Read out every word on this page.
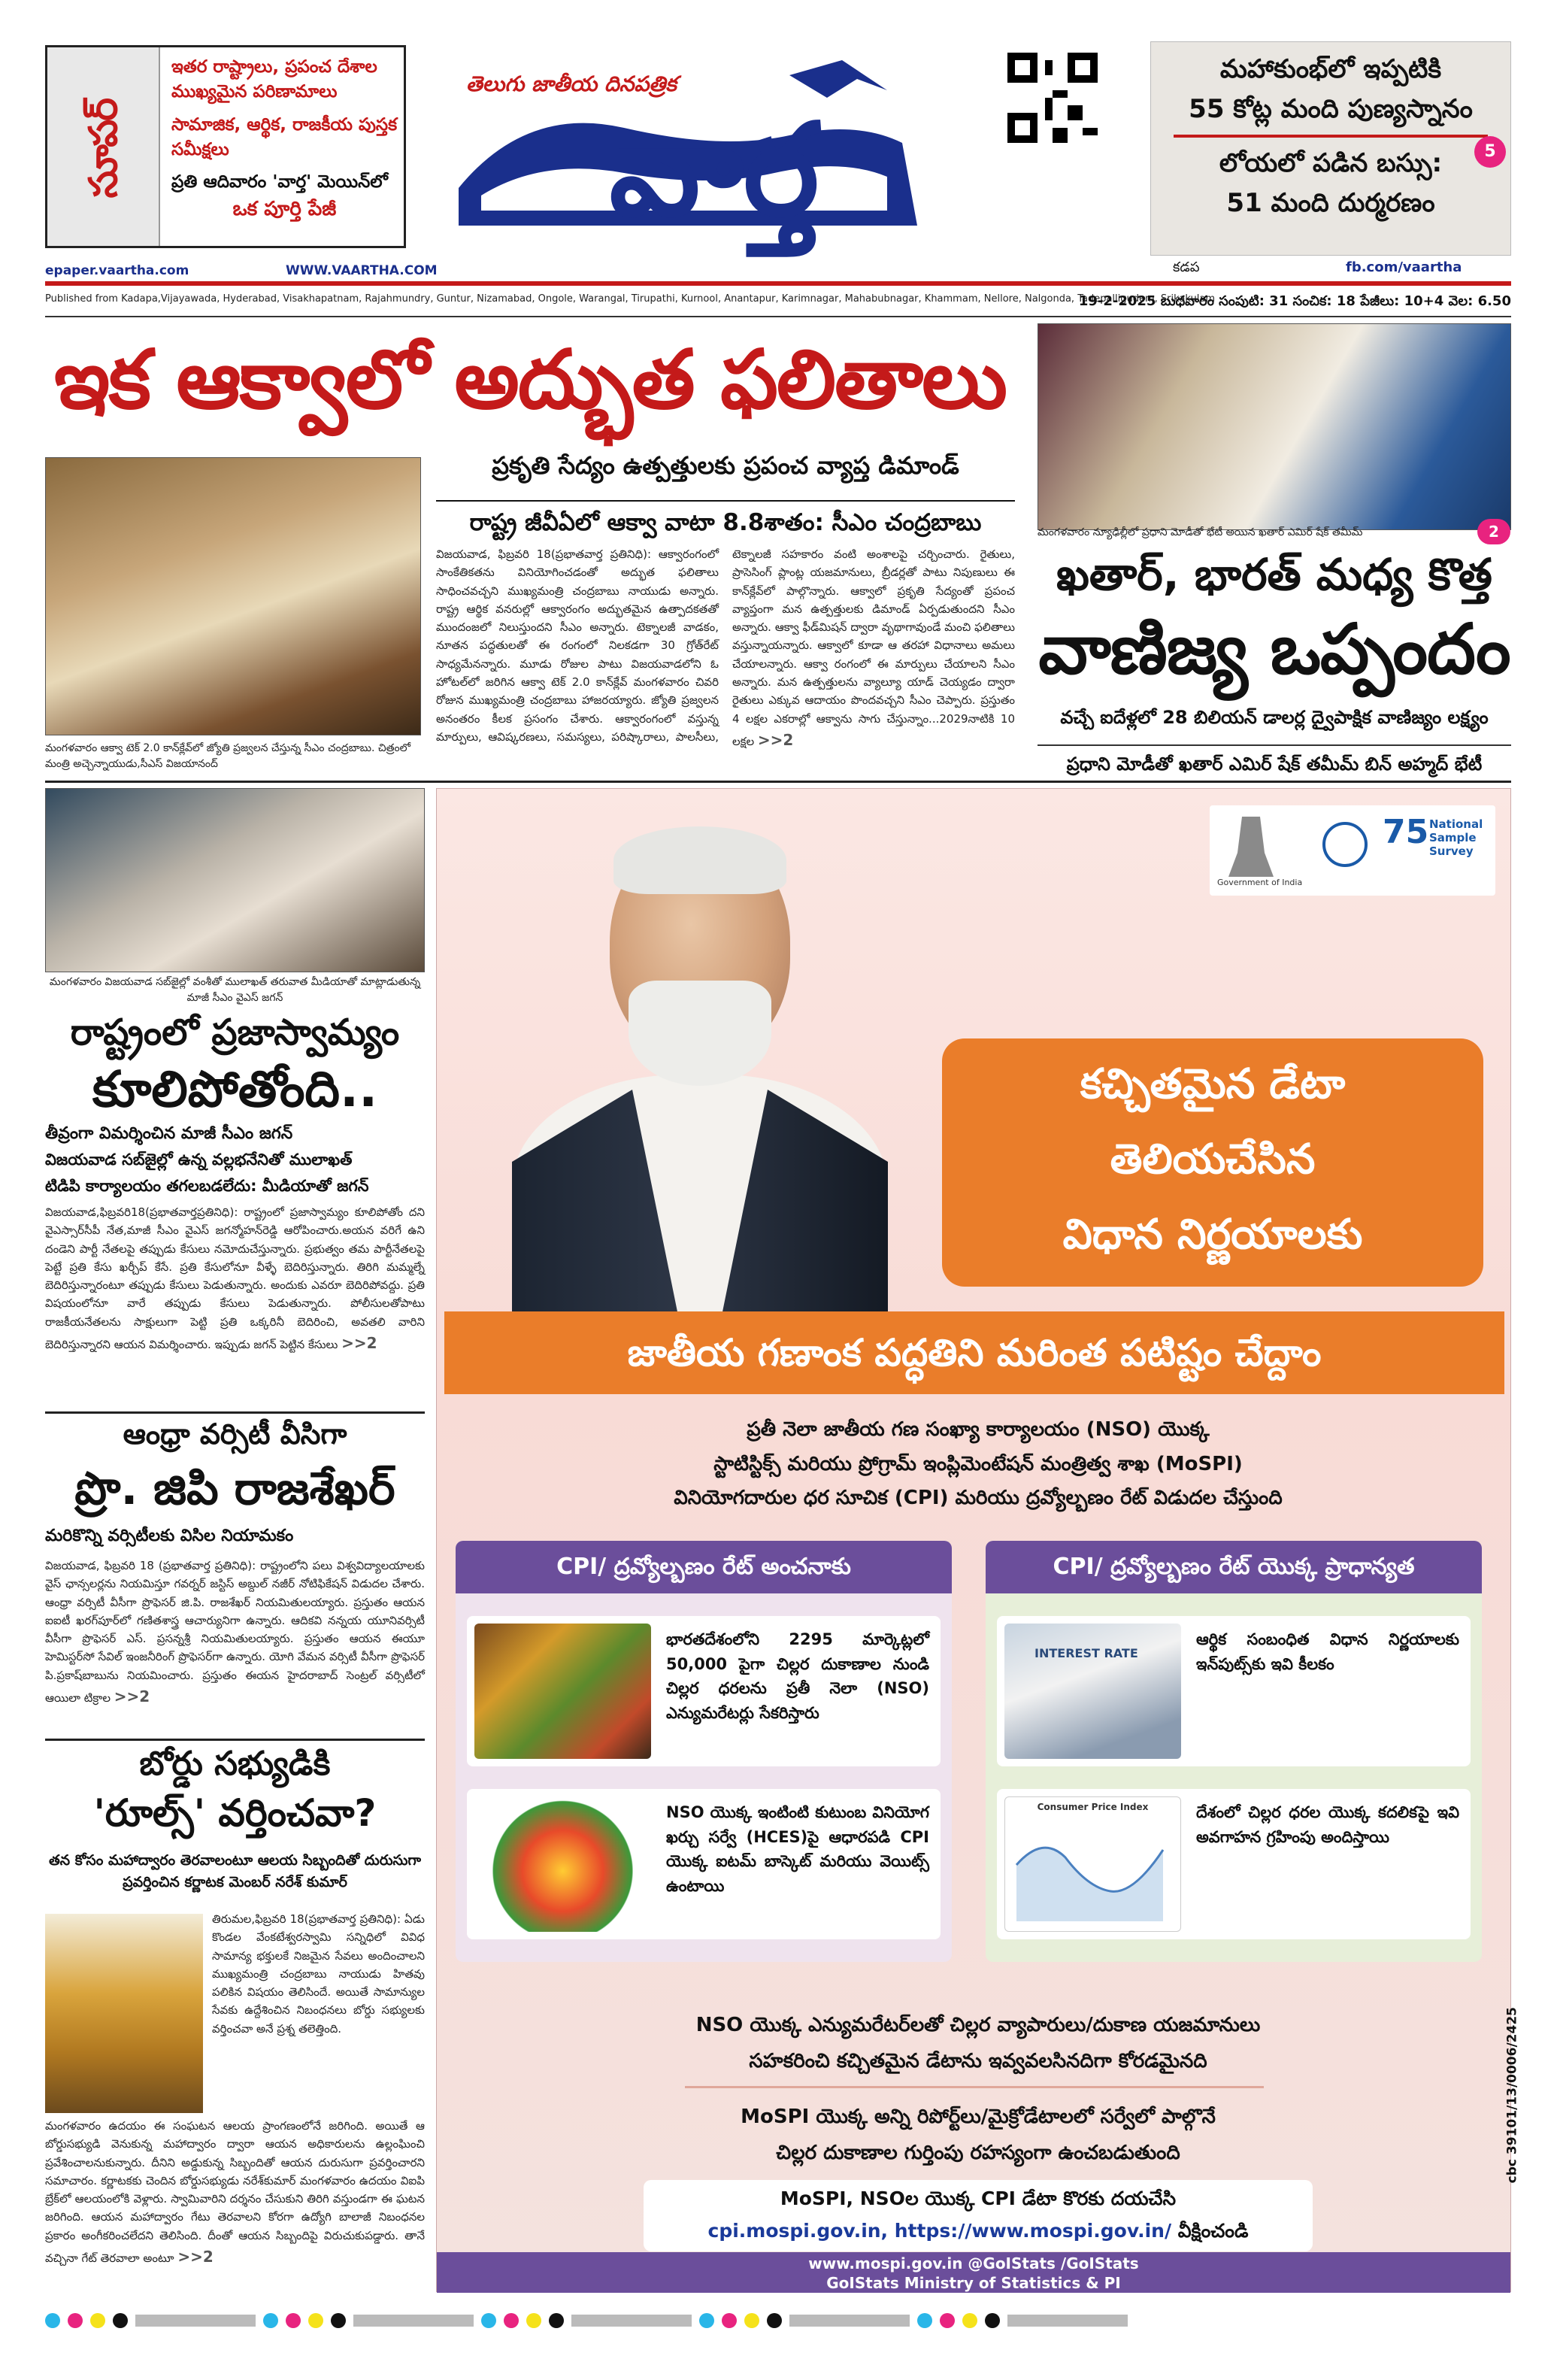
సూపర్
ఇతర రాష్ట్రాలు, ప్రపంచ దేశాల ముఖ్యమైన పరిణామాలు
సామాజిక, ఆర్థిక, రాజకీయ పుస్తక సమీక్షలు
ప్రతి ఆదివారం 'వార్త' మెయిన్‌లో
ఒక పూర్తి పేజీ
epaper.vaartha.com	WWW.VAARTHA.COM
వార్త
తెలుగు జాతీయ దినపత్రిక	మహాకుంభ్‌లో ఇప్పటికి
55 కోట్ల మంది పుణ్యస్నానం
లోయలో పడిన బస్సు:
51 మంది దుర్మరణం
5
కడప	fb.com/vaartha
Published from Kadapa,Vijayawada, Hyderabad, Visakhapatnam, Rajahmundry, Guntur, Nizamabad, Ongole, Warangal, Tirupathi, Kurnool, Anantapur, Karimnagar, Mahabubnagar, Khammam, Nellore, Nalgonda, Tadepalligudem, Srikakulam
19-2-2025 బుధవారం సంపుటి: 31 సంచిక: 18 పేజీలు: 10+4 వెల: 6.50
ఇక ఆక్వాలో అద్భుత ఫలితాలు
మంగళవారం ఆక్వా టెక్ 2.0 కాన్‌క్లేవ్‌లో జ్యోతి ప్రజ్వలన చేస్తున్న సీఎం చంద్రబాబు. చిత్రంలో మంత్రి అచ్చెన్నాయుడు,సీఎస్ విజయానంద్
ప్రకృతి సేద్యం ఉత్పత్తులకు ప్రపంచ వ్యాప్త డిమాండ్
రాష్ట్ర జీవీఏలో ఆక్వా వాటా 8.8శాతం: సీఎం చంద్రబాబు
విజయవాడ, ఫిబ్రవరి 18(ప్రభాతవార్త ప్రతినిధి): ఆక్వారంగంలో సాంకేతికతను వినియోగించడంతో అద్భుత ఫలితాలు సాధించవచ్చని ముఖ్యమంత్రి చంద్రబాబు నాయుడు అన్నారు. రాష్ట్ర ఆర్థిక వనరుల్లో ఆక్వారంగం అద్భుతమైన ఉత్పాదకతతో ముందంజలో నిలుస్తుందని సీఎం అన్నారు. టెక్నాలజీ వాడకం, నూతన పద్ధతులతో ఈ రంగంలో నిలకడగా 30 గ్రోత్‌రేట్ సాధ్యమేనన్నారు. మూడు రోజుల పాటు విజయవాడలోని ఓ హోటల్‌లో జరిగిన ఆక్వా టెక్ 2.0 కాన్‌క్లేవ్ మంగళవారం చివరి రోజున ముఖ్యమంత్రి చంద్రబాబు హాజరయ్యారు. జ్యోతి ప్రజ్వలన అనంతరం కీలక ప్రసంగం చేశారు. ఆక్వారంగంలో వస్తున్న మార్పులు, ఆవిష్కరణలు, సమస్యలు, పరిష్కారాలు, పాలసీలు, టెక్నాలజీ సహకారం వంటి అంశాలపై చర్చించారు. రైతులు, ప్రాసెసింగ్ ప్లాంట్ల యజమానులు, బ్రీడర్లతో పాటు నిపుణులు ఈ కాన్‌క్లేవ్‌లో పాల్గొన్నారు. ఆక్వాలో ప్రకృతి సేద్యంతో ప్రపంచ వ్యాప్తంగా మన ఉత్పత్తులకు డిమాండ్ ఏర్పడుతుందని సీఎం అన్నారు. ఆక్వా ఫీడ్‌మిషన్‌ ద్వారా వృథాగావుండే మంచి ఫలితాలు వస్తున్నాయన్నారు. ఆక్వాలో కూడా ఆ తరహా విధానాలు అమలు చేయాలన్నారు. ఆక్వా రంగంలో ఈ మార్పులు చేయాలని సీఎం అన్నారు. మన ఉత్పత్తులను వ్యాల్యూ యాడ్ చెయ్యడం ద్వారా రైతులు ఎక్కువ ఆదాయం పొందవచ్చని సీఎం చెప్పారు. ప్రస్తుతం 4 లక్షల ఎకరాల్లో ఆక్వాను సాగు చేస్తున్నాం...2029నాటికి 10 లక్షల >>2
మంగళవారం న్యూఢిల్లీలో ప్రధాని మోడీతో భేటీ అయిన ఖతార్ ఎమిర్ షేక్ తమీమ్	2
ఖతార్, భారత్ మధ్య కొత్త
వాణిజ్య ఒప్పందం
వచ్చే ఐదేళ్లలో 28 బిలియన్ డాలర్ల ద్వైపాక్షిక వాణిజ్యం లక్ష్యం
ప్రధాని మోడీతో ఖతార్ ఎమిర్ షేక్ తమీమ్ బిన్ అహ్మద్ భేటీ
మంగళవారం విజయవాడ సబ్‌జైల్లో వంశీతో ములాఖత్ తరువాత మీడియాతో మాట్లాడుతున్న మాజీ సీఎం వైఎస్ జగన్
రాష్ట్రంలో ప్రజాస్వామ్యం
కూలిపోతోంది..
తీవ్రంగా విమర్శించిన మాజీ సీఎం జగన్
విజయవాడ సబ్‌జైల్లో ఉన్న వల్లభనేనితో ములాఖత్
టిడిపి కార్యాలయం తగలబడలేదు: మీడియాతో జగన్
విజయవాడ,ఫిబ్రవరి18(ప్రభాతవార్తప్రతినిధి): రాష్ట్రంలో ప్రజాస్వామ్యం కూలిపోతోం దని వైఎస్సార్‌సీపీ నేత,మాజీ సీఎం వైఎస్ జగన్మోహన్‌రెడ్డి ఆరోపించారు.అయన వరిగే ఉని దండెని పార్టీ నేతలపై తప్పుడు కేసులు నమోదుచేస్తున్నారు. ప్రభుత్వం తమ పార్టీనేతలపై పెట్టే ప్రతి కేసు ఖర్చీప్ కేసే. ప్రతి కేసులోనూ వీళ్ళే బెదిరిస్తున్నారు. తిరిగి మమ్మల్నే బెదిరిస్తున్నారంటూ తప్పుడు కేసులు పెడుతున్నారు. అందుకు ఎవరూ బెదిరిపోవద్దు. ప్రతి విషయంలోనూ వారే తప్పుడు కేసులు పెడుతున్నారు. పోలీసులతోపాటు రాజకీయనేతలను సాక్షులుగా పెట్టి ప్రతి ఒక్కరినీ బెదిరించి, అవతలి వారిని బెదిరిస్తున్నారని ఆయన విమర్శించారు. ఇప్పుడు జగన్ పెట్టిన కేసులు >>2
ఆంధ్రా వర్సిటీ వీసిగా
ప్రొ. జిపి రాజశేఖర్
మరికొన్ని వర్సిటీలకు విసిల నియామకం
విజయవాడ, ఫిబ్రవరి 18 (ప్రభాతవార్త ప్రతినిధి): రాష్ట్రంలోని పలు విశ్వవిద్యాలయాలకు వైస్ ఛాన్సలర్లను నియమిస్తూ గవర్నర్ జస్టిస్ అబ్దుల్ నజీర్ నోటిఫికేషన్ విడుదల చేశారు. ఆంధ్రా వర్సిటీ వీసీగా ప్రొఫెసర్ జి.పి. రాజశేఖర్ నియమితులయ్యారు. ప్రస్తుతం ఆయన ఐఐటీ ఖరగ్‌పూర్‌లో గణితశాస్త్ర ఆచార్యునిగా ఉన్నారు. ఆదికవి నన్నయ యూనివర్సిటీ వీసీగా ప్రొఫెసర్ ఎస్. ప్రసన్నశ్రీ నియమితులయ్యారు. ప్రస్తుతం ఆయన ఈయూ హెమిస్టర్‌సో సేవిల్ ఇంజనీరింగ్ ప్రొఫెసర్‌గా ఉన్నారు. యోగి వేమన వర్సిటీ వీసీగా ప్రొఫెసర్ పి.ప్రకాష్‌బాబును నియమించారు. ప్రస్తుతం ఈయన హైదరాబాద్ సెంట్రల్ వర్సిటీలో ఆయిలా టిక్రాల >>2
బోర్డు సభ్యుడికి
'రూల్స్' వర్తించవా?
తన కోసం మహాద్వారం తెరవాలంటూ ఆలయ సిబ్బందితో దురుసుగా ప్రవర్తించిన కర్ణాటక మెంబర్ నరేశ్ కుమార్
తిరుమల,ఫిబ్రవరి 18(ప్రభాతవార్త ప్రతినిధి): ఏడు కొండల వేంకటేశ్వరస్వామి సన్నిధిలో వివిధ సామాన్య భక్తులకే నిజమైన సేవలు అందించాలని ముఖ్యమంత్రి చంద్రబాబు నాయుడు హితవు పలికిన విషయం తెలిసిందే. అయితే సామాన్యుల సేవకు ఉద్దేశించిన నిబంధనలు బోర్డు సభ్యులకు వర్తించవా అనే ప్రశ్న తలెత్తింది.
మంగళవారం ఉదయం ఈ సంఘటన ఆలయ ప్రాంగణంలోనే జరిగింది. అయితే ఆ బోర్డుసభ్యుడి వెనుకున్న మహాద్వారం ద్వారా ఆయన అధికారులను ఉల్లంఘించి ప్రవేశించాలనుకున్నారు. దీనిని అడ్డుకున్న సిబ్బందితో ఆయన దురుసుగా ప్రవర్తించారని సమాచారం. కర్ణాటకకు చెందిన బోర్డుసభ్యుడు నరేశ్‌కుమార్ మంగళవారం ఉదయం విఐపి బ్రేక్‌లో ఆలయంలోకి వెళ్లారు. స్వామివారిని దర్శనం చేసుకుని తిరిగి వస్తుండగా ఈ ఘటన జరిగింది. ఆయన మహాద్వారం గేటు తెరవాలని కోరగా ఉద్యోగి బాలాజీ నిబంధనల ప్రకారం అంగీకరించలేదని తెలిసింది. దీంతో ఆయన సిబ్బందిపై విరుచుకుపడ్డారు. తానే వచ్చినా గేట్ తెరవాలా అంటూ >>2
Government of India
75 National Sample Survey
కచ్చితమైన డేటా
తెలియచేసిన
విధాన నిర్ణయాలకు
జాతీయ గణాంక పద్ధతిని మరింత పటిష్టం చేద్దాం
ప్రతీ నెలా జాతీయ గణ సంఖ్యా కార్యాలయం (NSO) యొక్క
స్టాటిస్టిక్స్ మరియు ప్రోగ్రామ్ ఇంప్లిమెంటేషన్ మంత్రిత్వ శాఖ (MoSPI)
వినియోగదారుల ధర సూచిక (CPI) మరియు ద్రవ్యోల్బణం రేట్ విడుదల చేస్తుంది
CPI/ ద్రవ్యోల్బణం రేట్ అంచనాకు
భారతదేశంలోని 2295 మార్కెట్లలో 50,000 పైగా చిల్లర దుకాణాల నుండి చిల్లర ధరలను ప్రతీ నెలా (NSO) ఎన్యుమరేటర్లు సేకరిస్తారు
NSO యొక్క ఇంటింటి కుటుంబ వినియోగ ఖర్చు సర్వే (HCES)పై ఆధారపడి CPI యొక్క ఐటమ్ బాస్కెట్ మరియు వెయిట్స్ ఉంటాయి
CPI/ ద్రవ్యోల్బణం రేట్ యొక్క ప్రాధాన్యత
INTEREST RATE
ఆర్థిక సంబంధిత విధాన నిర్ణయాలకు ఇన్‌పుట్స్‌కు ఇవి కీలకం
Consumer Price Index	దేశంలో చిల్లర ధరల యొక్క కదలికపై ఇవి అవగాహన గ్రహింపు అందిస్తాయి
NSO యొక్క ఎన్యుమరేటర్‌లతో చిల్లర వ్యాపారులు/దుకాణ యజమానులు
సహకరించి కచ్చితమైన డేటాను ఇవ్వవలసినదిగా కోరడమైనది
MoSPI యొక్క అన్ని రిపోర్ట్‌లు/మైక్రోడేటాలలో సర్వేలో పాల్గొనే
చిల్లర దుకాణాల గుర్తింపు రహస్యంగా ఉంచబడుతుంది
MoSPI, NSOల యొక్క CPI డేటా కొరకు దయచేసి
cpi.mospi.gov.in, https://www.mospi.gov.in/ వీక్షించండి
cbc 39101/13/0006/2425
www.mospi.gov.in @GoIStats /GoIStats
GoIStats Ministry of Statistics & PI
